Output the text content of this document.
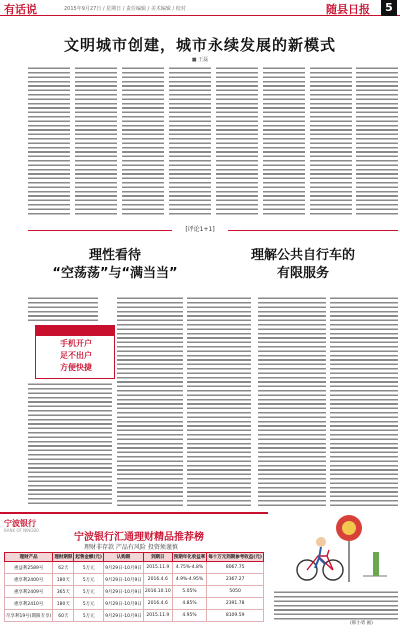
有话说	2015年9月27日 / 星期日 / 责任编辑 / 美术编辑 / 校对	随县日报	5
文明城市创建，城市永续发展的新模式
■ 王磊
[评论1+1]
理性看待
“空荡荡”与“满当当”
理解公共自行车的
有限服务
手机开户
足不出户
方便快捷
宁波银行
BANK OF NINGBO
宁波银行汇通理财精品推荐榜
理财非存款 产品有风险 投资须谨慎
理财产品	理财期限	起售金额(元)	认购期	到期日	预期年化收益率	每十万元到期参考收益(元)
惠益利2589号	62天	5万元	9月29日-10月9日	2015.11.9	4.75%-4.8%	8067.75
惠享利2400号	180天	5万元	9月29日-10月9日	2016.4.6	4.9%-4.95%	2367.27
惠享利2409号	365天	5万元	9月29日-10月9日	2016.10.10	5.05%	5050
惠享利2410号	180天	5万元	9月29日-10月9日	2016.4.6	4.85%	2391.78
尽享利19号(期限专享)	60天	5万元	9月29日-10月9日	2015.11.9	4.95%	8109.59
(韩小勇 画)
